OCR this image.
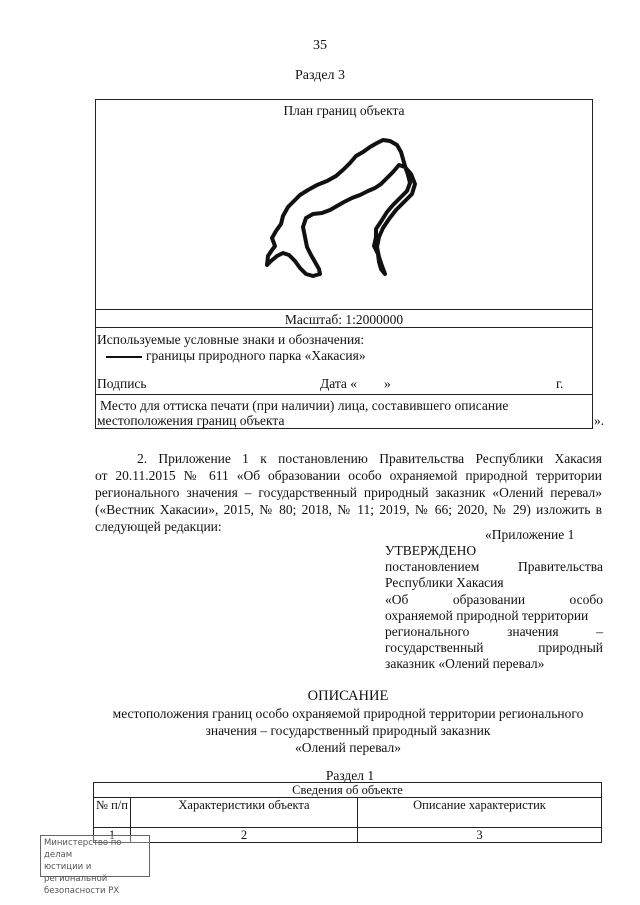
35
Раздел 3
План границ объекта
Масштаб: 1:2000000
Используемые условные знаки и обозначения:
границы природного парка «Хакасия»
Подпись	Дата « »	г.
Место для оттиска печати (при наличии) лица, составившего описание
местоположения границ объекта	».
2. Приложение 1 к постановлению Правительства Республики Хакасия
от 20.11.2015 № 611 «Об образовании особо охраняемой природной территории
регионального значения – государственный природный заказник «Олений перевал»
(«Вестник Хакасии», 2015, № 80; 2018, № 11; 2019, № 66; 2020, № 29) изложить в
следующей редакции:
«Приложение 1
УТВЕРЖДЕНО
постановлением Правительства
Республики Хакасия
«Об образовании особо
охраняемой природной территории
регионального значения –
государственный природный
заказник «Олений перевал»
ОПИСАНИЕ
местоположения границ особо охраняемой природной территории регионального
значения – государственный природный заказник
«Олений перевал»
Раздел 1
Сведения об объекте		
№ п/п	Характеристики объекта	Описание характеристик
1	2	3
Министерство по делам
юстиции и региональной
безопасности РХ
